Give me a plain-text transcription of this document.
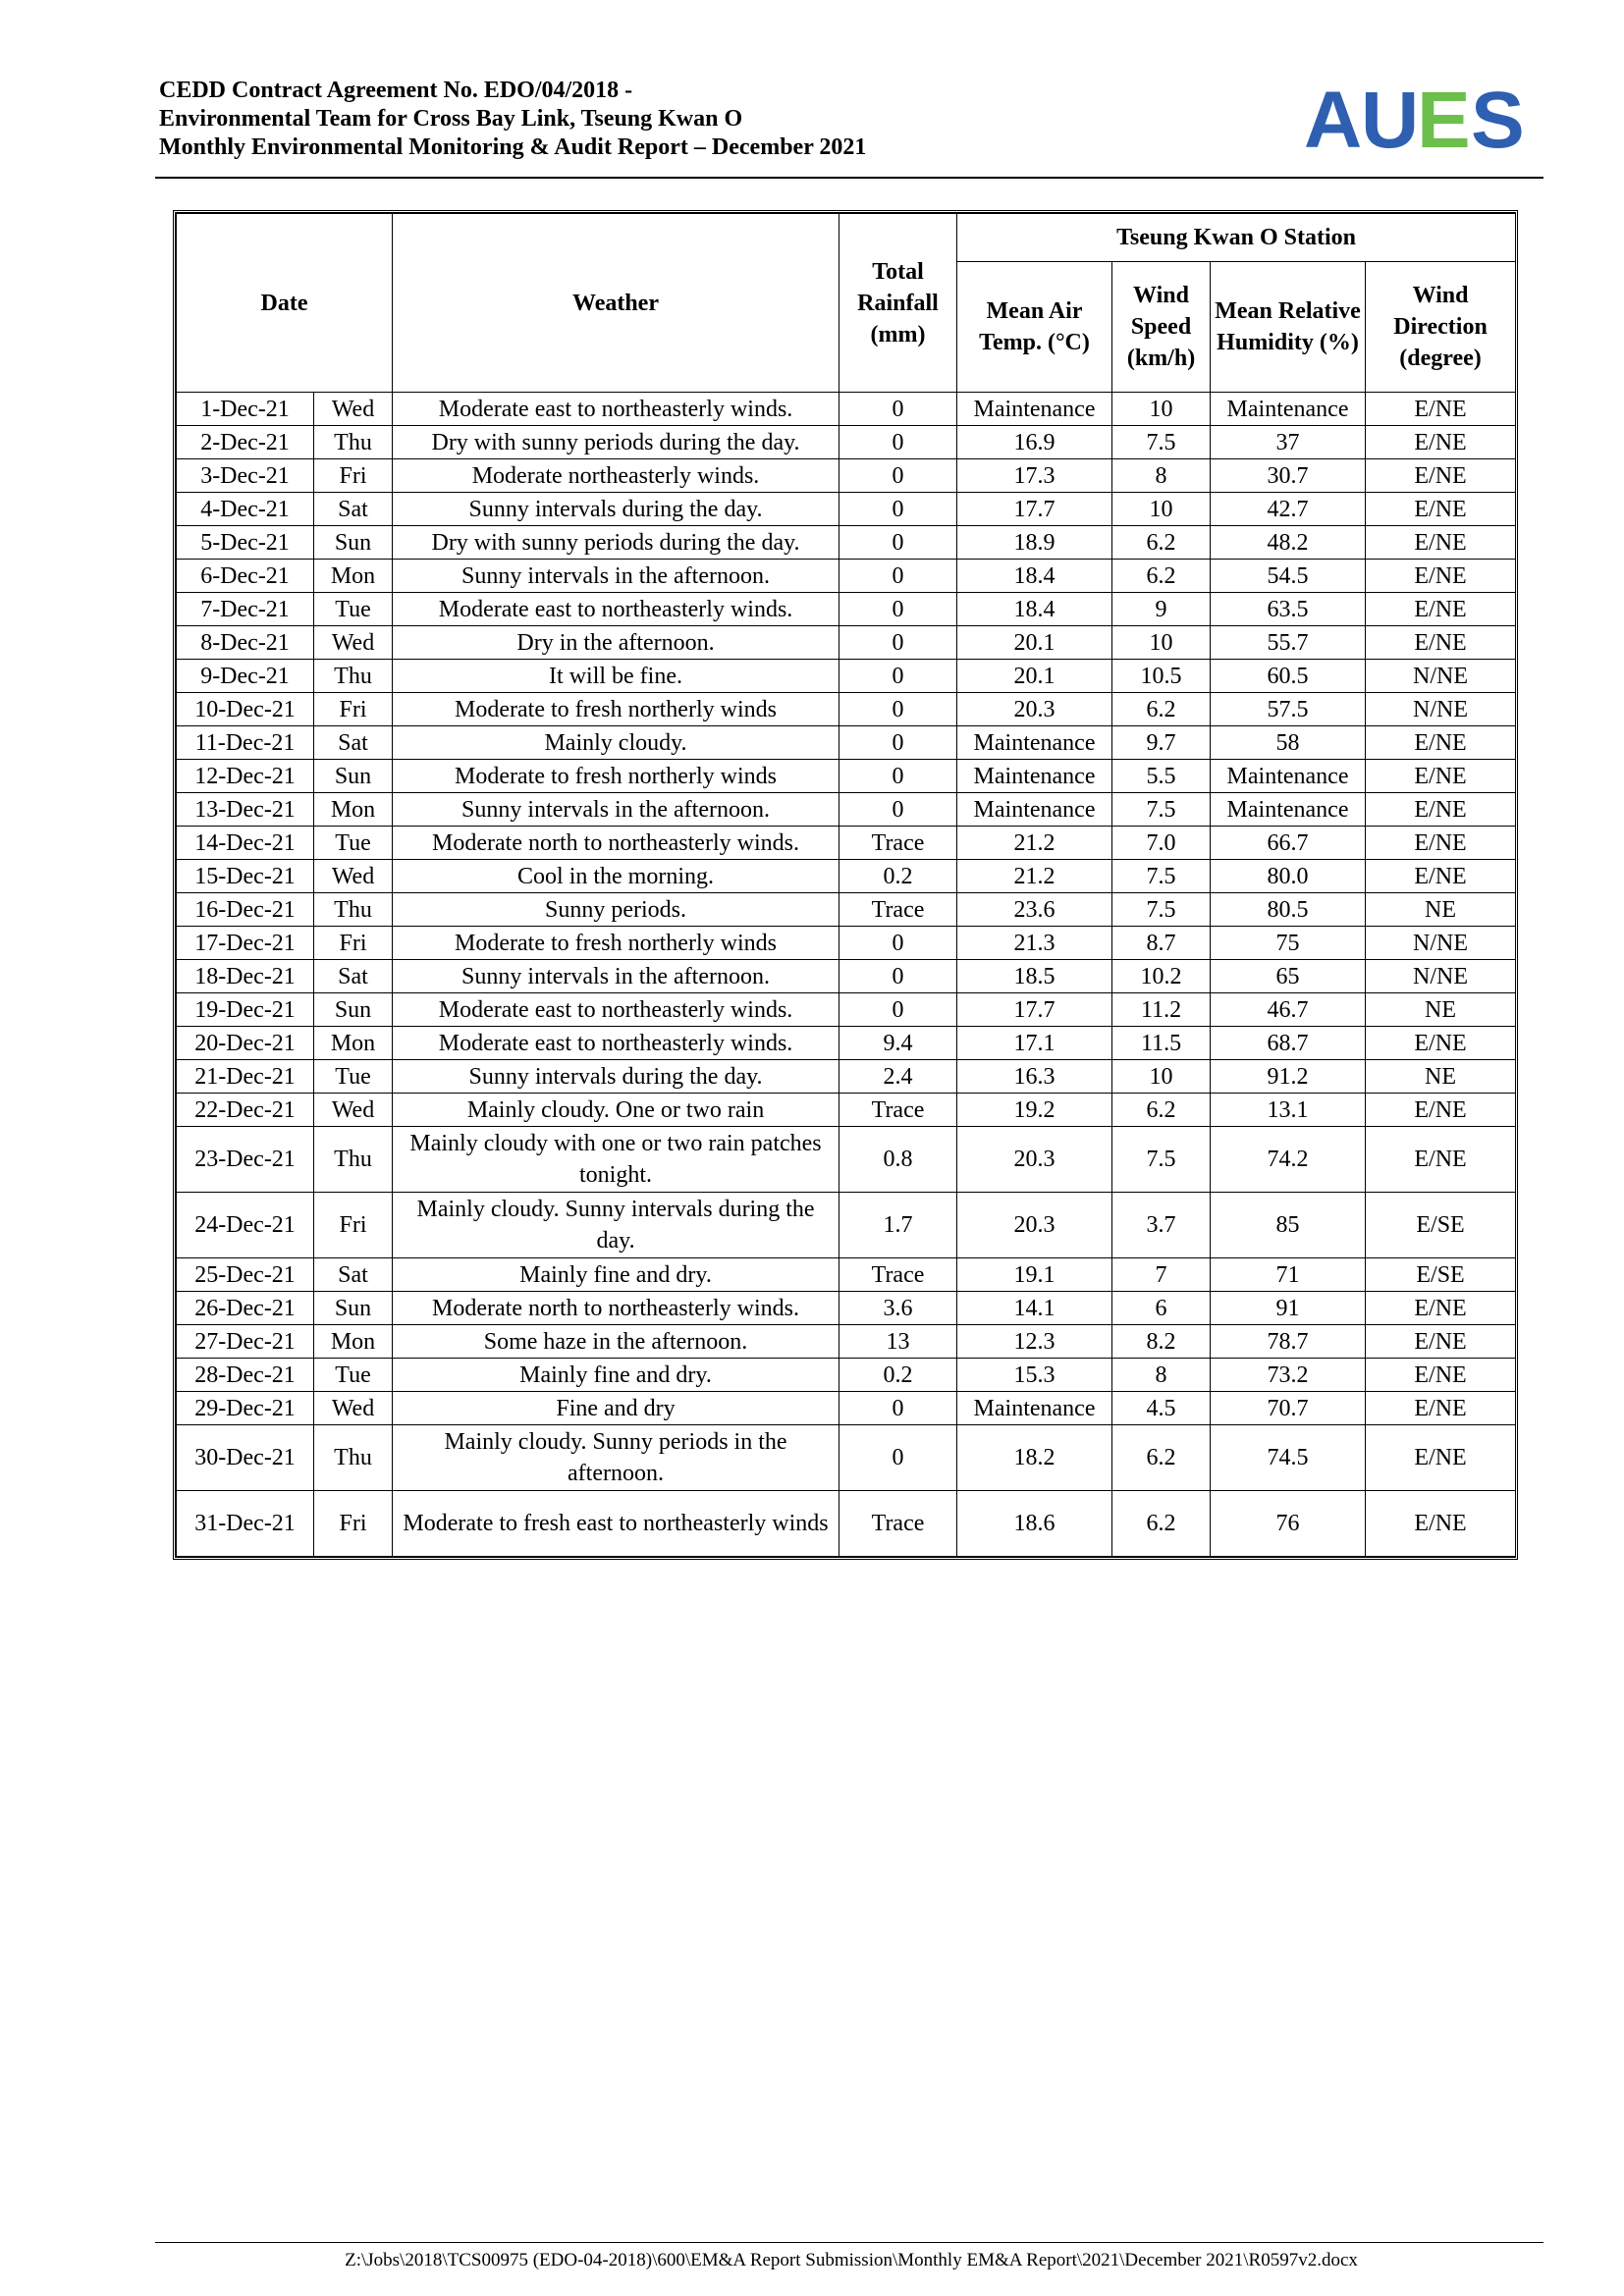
CEDD Contract Agreement No. EDO/04/2018 -
Environmental Team for Cross Bay Link, Tseung Kwan O
Monthly Environmental Monitoring & Audit Report – December 2021	A
U
E S
Date		Weather	Total Rainfall (mm)	Tseung Kwan O Station			
				Mean Air Temp. (°C)	Wind Speed (km/h)	Mean Relative Humidity (%)	Wind Direction (degree)
1-Dec-21	Wed	Moderate east to northeasterly winds.	0	Maintenance	10	Maintenance	E/NE
2-Dec-21	Thu	Dry with sunny periods during the day.	0	16.9	7.5	37	E/NE
3-Dec-21	Fri	Moderate northeasterly winds.	0	17.3	8	30.7	E/NE
4-Dec-21	Sat	Sunny intervals during the day.	0	17.7	10	42.7	E/NE
5-Dec-21	Sun	Dry with sunny periods during the day.	0	18.9	6.2	48.2	E/NE
6-Dec-21	Mon	Sunny intervals in the afternoon.	0	18.4	6.2	54.5	E/NE
7-Dec-21	Tue	Moderate east to northeasterly winds.	0	18.4	9	63.5	E/NE
8-Dec-21	Wed	Dry in the afternoon.	0	20.1	10	55.7	E/NE
9-Dec-21	Thu	It will be fine.	0	20.1	10.5	60.5	N/NE
10-Dec-21	Fri	Moderate to fresh northerly winds	0	20.3	6.2	57.5	N/NE
11-Dec-21	Sat	Mainly cloudy.	0	Maintenance	9.7	58	E/NE
12-Dec-21	Sun	Moderate to fresh northerly winds	0	Maintenance	5.5	Maintenance	E/NE
13-Dec-21	Mon	Sunny intervals in the afternoon.	0	Maintenance	7.5	Maintenance	E/NE
14-Dec-21	Tue	Moderate north to northeasterly winds.	Trace	21.2	7.0	66.7	E/NE
15-Dec-21	Wed	Cool in the morning.	0.2	21.2	7.5	80.0	E/NE
16-Dec-21	Thu	Sunny periods.	Trace	23.6	7.5	80.5	NE
17-Dec-21	Fri	Moderate to fresh northerly winds	0	21.3	8.7	75	N/NE
18-Dec-21	Sat	Sunny intervals in the afternoon.	0	18.5	10.2	65	N/NE
19-Dec-21	Sun	Moderate east to northeasterly winds.	0	17.7	11.2	46.7	NE
20-Dec-21	Mon	Moderate east to northeasterly winds.	9.4	17.1	11.5	68.7	E/NE
21-Dec-21	Tue	Sunny intervals during the day.	2.4	16.3	10	91.2	NE
22-Dec-21	Wed	Mainly cloudy. One or two rain	Trace	19.2	6.2	13.1	E/NE
23-Dec-21	Thu	Mainly cloudy with one or two rain patches tonight.	0.8	20.3	7.5	74.2	E/NE
24-Dec-21	Fri	Mainly cloudy. Sunny intervals during the day.	1.7	20.3	3.7	85	E/SE
25-Dec-21	Sat	Mainly fine and dry.	Trace	19.1	7	71	E/SE
26-Dec-21	Sun	Moderate north to northeasterly winds.	3.6	14.1	6	91	E/NE
27-Dec-21	Mon	Some haze in the afternoon.	13	12.3	8.2	78.7	E/NE
28-Dec-21	Tue	Mainly fine and dry.	0.2	15.3	8	73.2	E/NE
29-Dec-21	Wed	Fine and dry	0	Maintenance	4.5	70.7	E/NE
30-Dec-21	Thu	Mainly cloudy. Sunny periods in the afternoon.	0	18.2	6.2	74.5	E/NE
31-Dec-21	Fri	Moderate to fresh east to northeasterly winds	Trace	18.6	6.2	76	E/NE
Z:\Jobs\2018\TCS00975 (EDO-04-2018)\600\EM&A Report Submission\Monthly EM&A Report\2021\December 2021\R0597v2.docx
